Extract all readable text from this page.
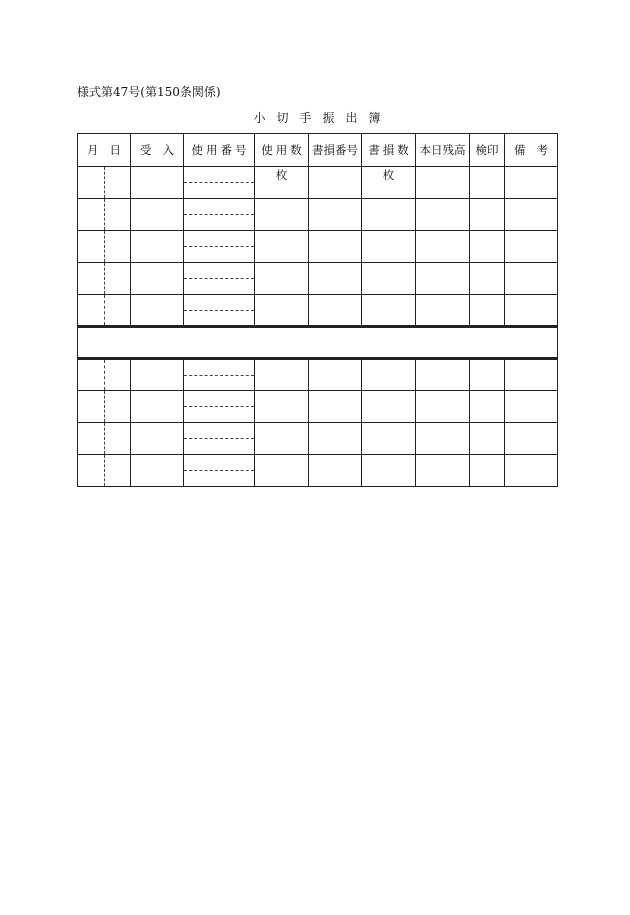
様式第47号(第150条関係)
小切手振出簿
月 日	受 入	使用番号	使用数	書損番号	書損数	本日残高	検印	備 考

			枚		枚			
